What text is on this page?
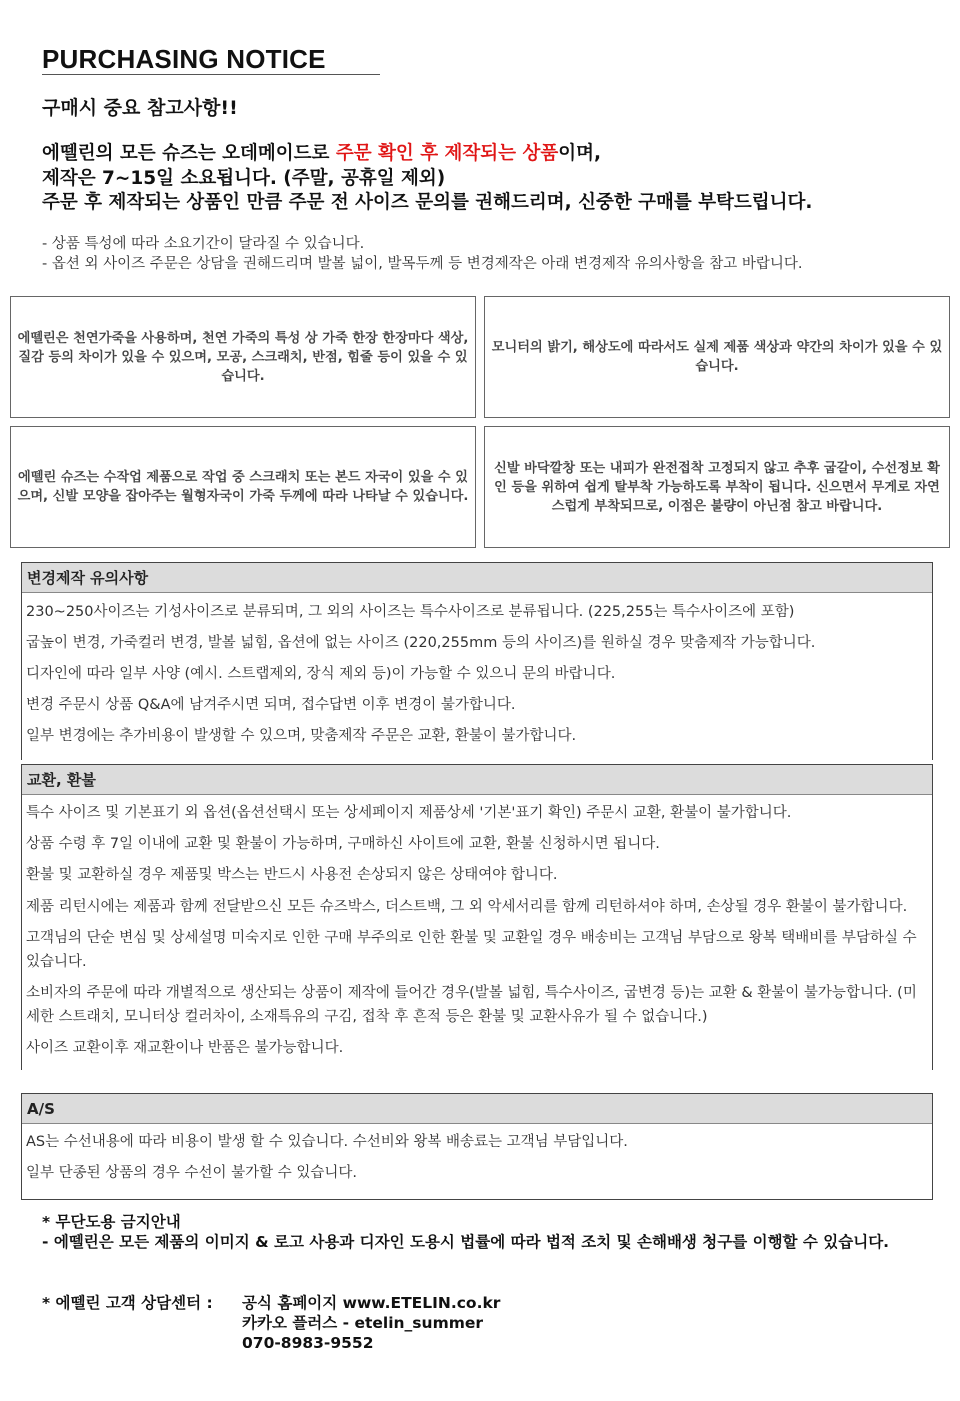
PURCHASING NOTICE
구매시 중요 참고사항!!
에뗄린의 모든 슈즈는 오데메이드로 주문 확인 후 제작되는 상품이며,
제작은 7~15일 소요됩니다. (주말, 공휴일 제외)
주문 후 제작되는 상품인 만큼 주문 전 사이즈 문의를 권해드리며, 신중한 구매를 부탁드립니다.
- 상품 특성에 따라 소요기간이 달라질 수 있습니다.
- 옵션 외 사이즈 주문은 상담을 권해드리며 발볼 넓이, 발목두께 등 변경제작은 아래 변경제작 유의사항을 참고 바랍니다.
에뗄린은 천연가죽을 사용하며, 천연 가죽의 특성 상 가죽 한장 한장마다 색상, 질감 등의 차이가 있을 수 있으며, 모공, 스크래치, 반점, 힘줄 등이 있을 수 있습니다.
모니터의 밝기, 해상도에 따라서도 실제 제품 색상과 약간의 차이가 있을 수 있습니다.
에뗄린 슈즈는 수작업 제품으로 작업 중 스크래치 또는 본드 자국이 있을 수 있으며, 신발 모양을 잡아주는 월형자국이 가죽 두께에 따라 나타날 수 있습니다.
신발 바닥깔창 또는 내피가 완전접착 고정되지 않고 추후 굽갈이, 수선정보 확인 등을 위하여 쉽게 탈부착 가능하도록 부착이 됩니다. 신으면서 무게로 자연스럽게 부착되므로, 이점은 불량이 아닌점 참고 바랍니다.
변경제작 유의사항
230~250사이즈는 기성사이즈로 분류되며, 그 외의 사이즈는 특수사이즈로 분류됩니다. (225,255는 특수사이즈에 포함)
굽높이 변경, 가죽컬러 변경, 발볼 넓힘, 옵션에 없는 사이즈 (220,255mm 등의 사이즈)를 원하실 경우 맞춤제작 가능합니다.
디자인에 따라 일부 사양 (예시. 스트랩제외, 장식 제외 등)이 가능할 수 있으니 문의 바랍니다.
변경 주문시 상품 Q&A에 남겨주시면 되며, 접수답변 이후 변경이 불가합니다.
일부 변경에는 추가비용이 발생할 수 있으며, 맞춤제작 주문은 교환, 환불이 불가합니다.
교환, 환불
특수 사이즈 및 기본표기 외 옵션(옵션선택시 또는 상세페이지 제품상세 '기본'표기 확인) 주문시 교환, 환불이 불가합니다.
상품 수령 후 7일 이내에 교환 및 환불이 가능하며, 구매하신 사이트에 교환, 환불 신청하시면 됩니다.
환불 및 교환하실 경우 제품및 박스는 반드시 사용전 손상되지 않은 상태여야 합니다.
제품 리턴시에는 제품과 함께 전달받으신 모든 슈즈박스, 더스트백, 그 외 악세서리를 함께 리턴하셔야 하며, 손상될 경우 환불이 불가합니다.
고객님의 단순 변심 및 상세설명 미숙지로 인한 구매 부주의로 인한 환불 및 교환일 경우 배송비는 고객님 부담으로 왕복 택배비를 부담하실 수 있습니다.
소비자의 주문에 따라 개별적으로 생산되는 상품이 제작에 들어간 경우(발볼 넓힘, 특수사이즈, 굽변경 등)는 교환 & 환불이 불가능합니다. (미세한 스트래치, 모니터상 컬러차이, 소재특유의 구김, 접착 후 흔적 등은 환불 및 교환사유가 될 수 없습니다.)
사이즈 교환이후 재교환이나 반품은 불가능합니다.
A/S
AS는 수선내용에 따라 비용이 발생 할 수 있습니다. 수선비와 왕복 배송료는 고객님 부담입니다.
일부 단종된 상품의 경우 수선이 불가할 수 있습니다.
* 무단도용 금지안내
- 에뗄린은 모든 제품의 이미지 & 로고 사용과 디자인 도용시 법률에 따라 법적 조치 및 손해배생 청구를 이행할 수 있습니다.
* 에뗄린 고객 상담센터 : 공식 홈페이지 www.ETELIN.co.kr
카카오 플러스 - etelin_summer
070-8983-9552
